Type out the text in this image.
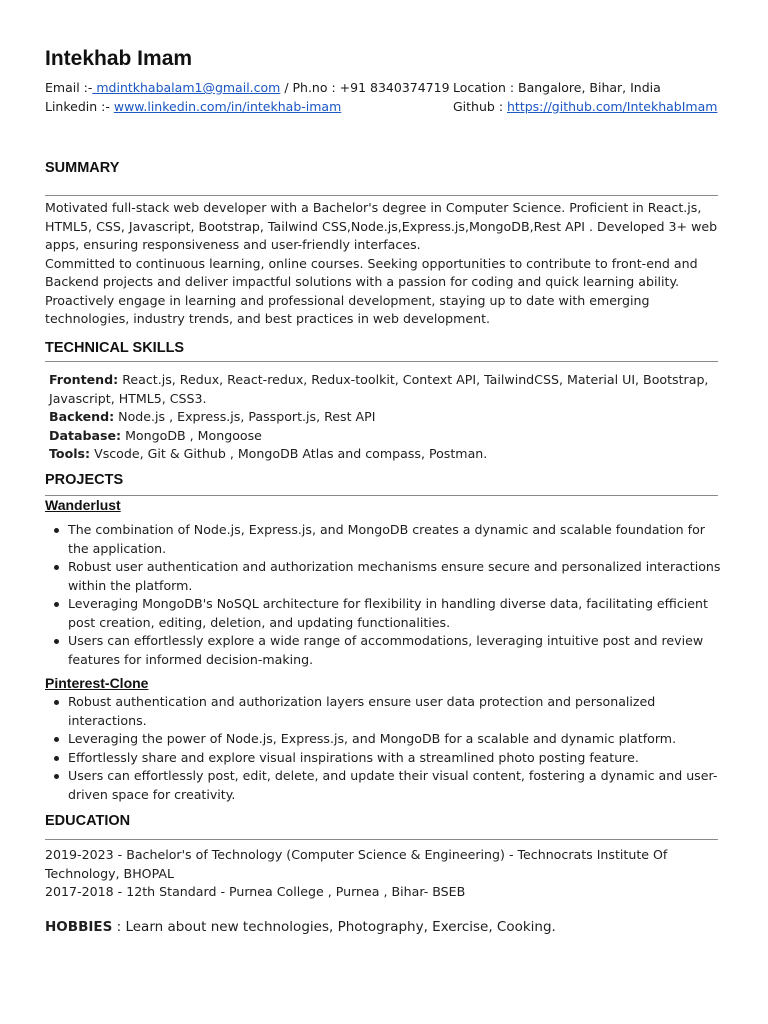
Intekhab Imam
Email :- mdintkhabalam1@gmail.com / Ph.no : +91 8340374719
Linkedin :- www.linkedin.com/in/intekhab-imam
Location : Bangalore, Bihar, India
Github : https://github.com/IntekhabImam
SUMMARY

Motivated full-stack web developer with a Bachelor's degree in Computer Science. Proficient in React.js, HTML5, CSS, Javascript, Bootstrap, Tailwind CSS,Node.js,Express.js,MongoDB,Rest API . Developed 3+ web apps, ensuring responsiveness and user-friendly interfaces.

Committed to continuous learning, online courses. Seeking opportunities to contribute to front-end and Backend projects and deliver impactful solutions with a passion for coding and quick learning ability.

Proactively engage in learning and professional development, staying up to date with emerging technologies, industry trends, and best practices in web development.

TECHNICAL SKILLS
Frontend: React.js, Redux, React-redux, Redux-toolkit, Context API, TailwindCSS, Material UI, Bootstrap, Javascript, HTML5, CSS3.
Backend: Node.js , Express.js, Passport.js, Rest API
Database: MongoDB , Mongoose
Tools: Vscode, Git & Github , MongoDB Atlas and compass, Postman.
PROJECTS
Wanderlust
The combination of Node.js, Express.js, and MongoDB creates a dynamic and scalable foundation for the application.
Robust user authentication and authorization mechanisms ensure secure and personalized interactions within the platform.
Leveraging MongoDB's NoSQL architecture for flexibility in handling diverse data, facilitating efficient post creation, editing, deletion, and updating functionalities.
Users can effortlessly explore a wide range of accommodations, leveraging intuitive post and review features for informed decision-making.
Pinterest-Clone
Robust authentication and authorization layers ensure user data protection and personalized interactions.
Leveraging the power of Node.js, Express.js, and MongoDB for a scalable and dynamic platform.
Effortlessly share and explore visual inspirations with a streamlined photo posting feature.
Users can effortlessly post, edit, delete, and update their visual content, fostering a dynamic and user-driven space for creativity.
EDUCATION

2019-2023 - Bachelor's of Technology (Computer Science & Engineering) - Technocrats Institute Of Technology, BHOPAL

2017-2018 - 12th Standard - Purnea College , Purnea , Bihar- BSEB

HOBBIES : Learn about new technologies, Photography, Exercise, Cooking.
